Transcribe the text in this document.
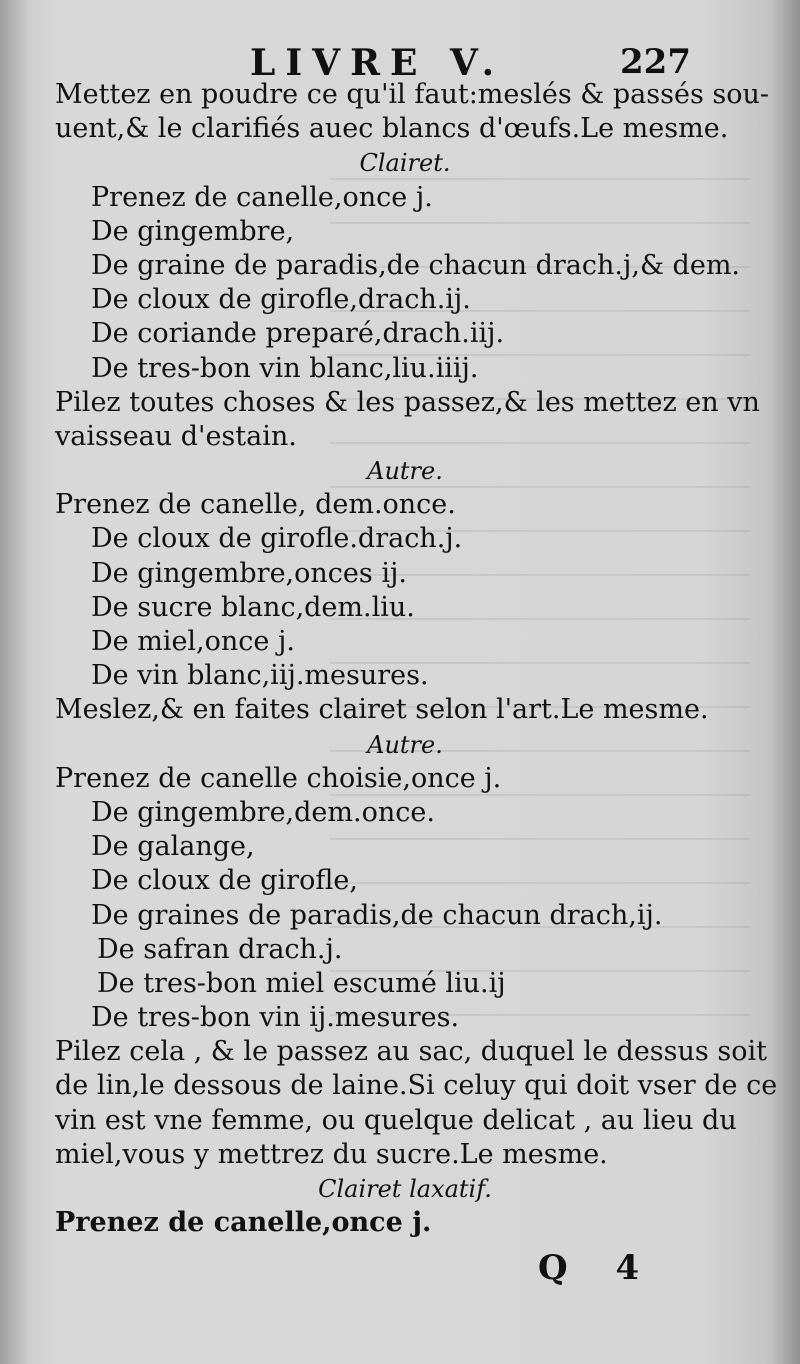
LIVRE V.	227
Mettez en poudre ce qu'il faut:meslés & passés sou-
uent,& le clarifiés auec blancs d'œufs.Le mesme.
Clairet.
Prenez de canelle,once j.
De gingembre,
De graine de paradis,de chacun drach.j,& dem.
De cloux de girofle,drach.ij.
De coriande preparé,drach.iij.
De tres-bon vin blanc,liu.iiij.
Pilez toutes choses & les passez,& les mettez en vn
vaisseau d'estain.
Autre.
Prenez de canelle, dem.once.
De cloux de girofle.drach.j.
De gingembre,onces ij.
De sucre blanc,dem.liu.
De miel,once j.
De vin blanc,iij.mesures.
Meslez,& en faites clairet selon l'art.Le mesme.
Autre.
Prenez de canelle choisie,once j.
De gingembre,dem.once.
De galange,
De cloux de girofle,
De graines de paradis,de chacun drach,ij.
De safran drach.j.
De tres-bon miel escumé liu.ij
De tres-bon vin ij.mesures.
Pilez cela , & le passez au sac, duquel le dessus soit
de lin,le dessous de laine.Si celuy qui doit vser de ce
vin est vne femme, ou quelque delicat , au lieu du
miel,vous y mettrez du sucre.Le mesme.
Clairet laxatif.
Prenez de canelle,once j.
Q 4
